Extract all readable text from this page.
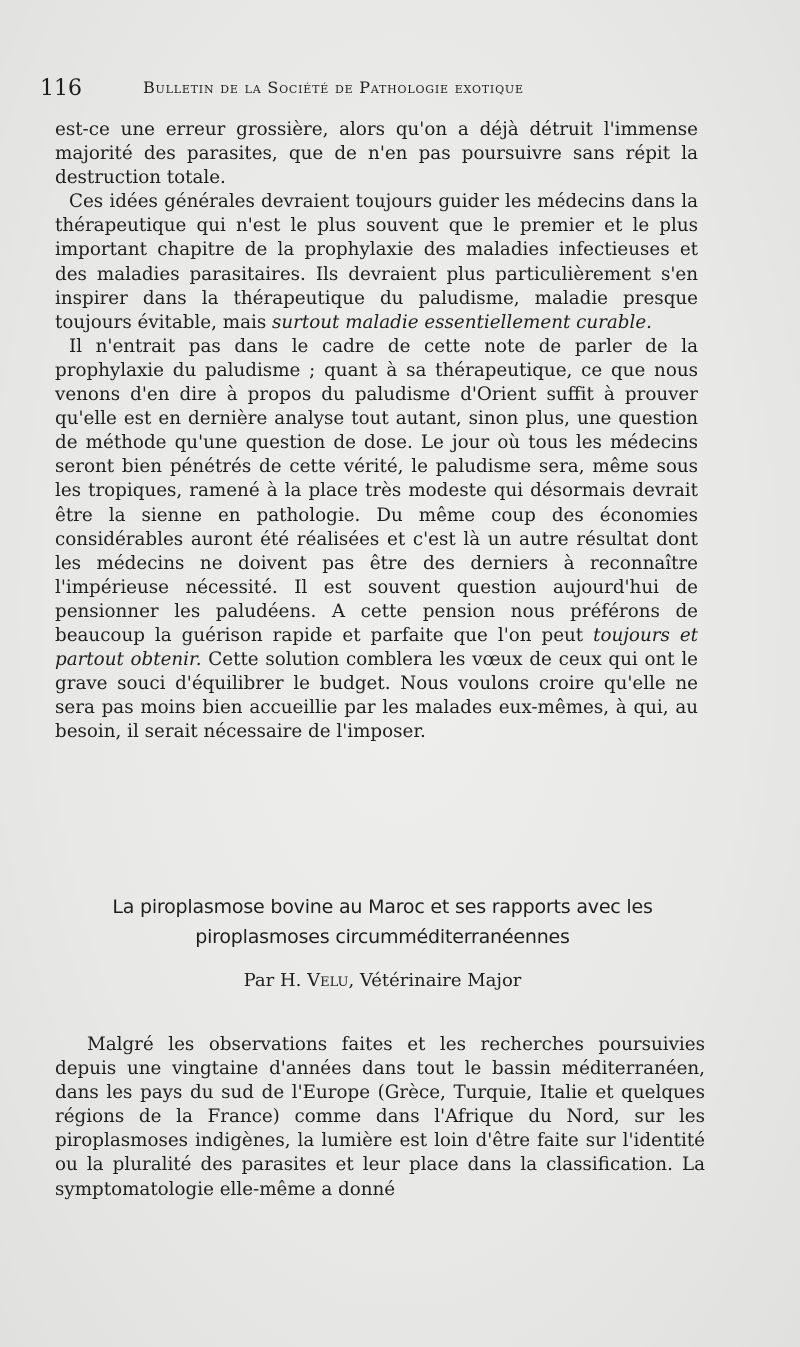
116	Bulletin de la Société de Pathologie exotique

est-ce une erreur grossière, alors qu'on a déjà détruit l'immense majorité des parasites, que de n'en pas poursuivre sans répit la destruction totale.

Ces idées générales devraient toujours guider les médecins dans la thérapeutique qui n'est le plus souvent que le premier et le plus important chapitre de la prophylaxie des maladies infectieuses et des maladies parasitaires. Ils devraient plus particulièrement s'en inspirer dans la thérapeutique du paludisme, maladie presque toujours évitable, mais surtout maladie essentiellement curable.

Il n'entrait pas dans le cadre de cette note de parler de la prophylaxie du paludisme ; quant à sa thérapeutique, ce que nous venons d'en dire à propos du paludisme d'Orient suffit à prouver qu'elle est en dernière analyse tout autant, sinon plus, une question de méthode qu'une question de dose. Le jour où tous les médecins seront bien pénétrés de cette vérité, le paludisme sera, même sous les tropiques, ramené à la place très modeste qui désormais devrait être la sienne en pathologie. Du même coup des économies considérables auront été réalisées et c'est là un autre résultat dont les médecins ne doivent pas être des derniers à reconnaître l'impérieuse nécessité. Il est souvent question aujourd'hui de pensionner les paludéens. A cette pension nous préférons de beaucoup la guérison rapide et parfaite que l'on peut toujours et partout obtenir. Cette solution comblera les vœux de ceux qui ont le grave souci d'équilibrer le budget. Nous voulons croire qu'elle ne sera pas moins bien accueillie par les malades eux-mêmes, à qui, au besoin, il serait nécessaire de l'imposer.

La piroplasmose bovine au Maroc et ses rapports avec les
piroplasmoses circumméditerranéennes
Par H. Velu, Vétérinaire Major

Malgré les observations faites et les recherches poursuivies depuis une vingtaine d'années dans tout le bassin méditerranéen, dans les pays du sud de l'Europe (Grèce, Turquie, Italie et quelques régions de la France) comme dans l'Afrique du Nord, sur les piroplasmoses indigènes, la lumière est loin d'être faite sur l'identité ou la pluralité des parasites et leur place dans la classification. La symptomatologie elle-même a donné
